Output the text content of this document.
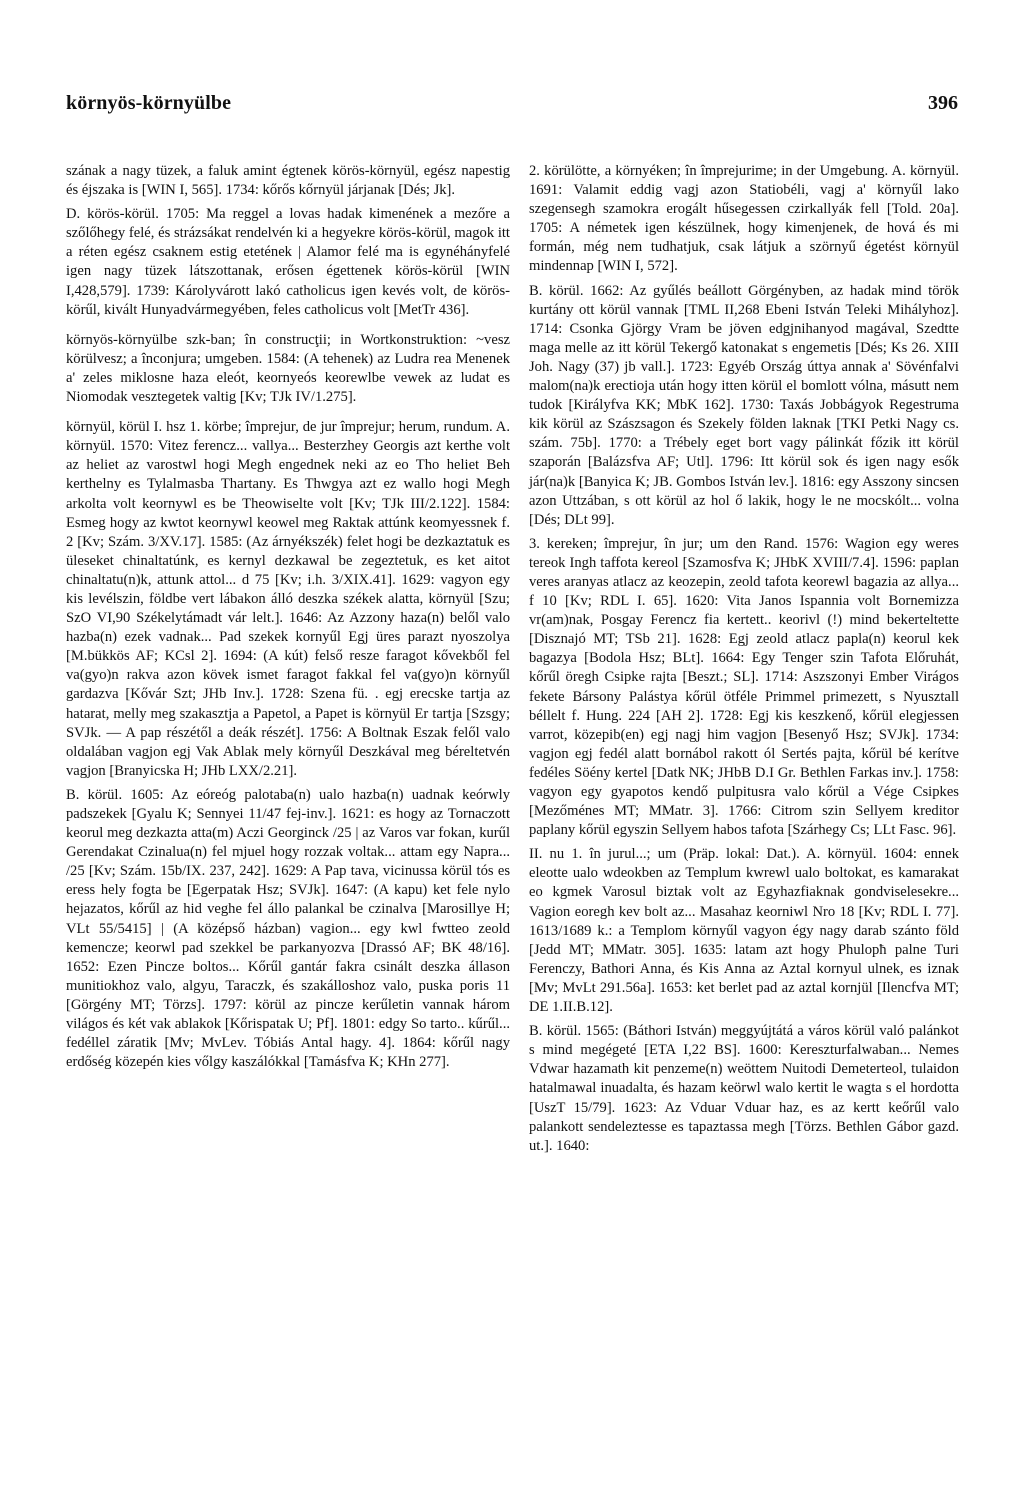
környös-környülbe	396

szának a nagy tüzek, a faluk amint égtenek körös-környül, egész napestig és éjszaka is [WIN I, 565]. 1734: kőrős kőrnyül járjanak [Dés; Jk].

D. körös-körül. 1705: Ma reggel a lovas hadak kimenének a mezőre a szőlőhegy felé, és strázsákat rendelvén ki a hegyekre körös-körül, magok itt a réten egész csaknem estig etetének | Alamor felé ma is egynéhányfelé igen nagy tüzek látszottanak, erősen égettenek körös-körül [WIN I,428,579]. 1739: Károlyvárott lakó catholicus igen kevés volt, de körös-körűl, kivált Hunyadvármegyében, feles catholicus volt [MetTr 436].

környös-környülbe szk-ban; în construcţii; in Wortkonstruktion: ~vesz körülvesz; a înconjura; umgeben. 1584: (A tehenek) az Ludra rea Menenek a' zeles miklosne haza eleót, keornyeós keorewlbe vewek az ludat es Niomodak vesztegetek valtig [Kv; TJk IV/1.275].

környül, körül I. hsz 1. körbe; împrejur, de jur împrejur; herum, rundum. A. környül. 1570: Vitez ferencz... vallya... Besterzhey Georgis azt kerthe volt az heliet az varostwl hogi Megh engednek neki az eo Tho heliet Beh kerthelny es Tylalmasba Thartany. Es Thwgya azt ez wallo hogi Megh arkolta volt keornywl es be Theowiselte volt [Kv; TJk III/2.122]. 1584: Esmeg hogy az kwtot keornywl keowel meg Raktak attúnk keomyessnek f. 2 [Kv; Szám. 3/XV.17]. 1585: (Az árnyékszék) felet hogi be dezkaztatuk es üleseket chinaltatúnk, es kernyl dezkawal be zegeztetuk, es ket aitot chinaltatu(n)k, attunk attol... d 75 [Kv; i.h. 3/XIX.41]. 1629: vagyon egy kis levélszin, földbe vert lábakon álló deszka székek alatta, környül [Szu; SzO VI,90 Székelytámadt vár lelt.]. 1646: Az Azzony haza(n) belől valo hazba(n) ezek vadnak... Pad szekek kornyűl Egj üres parazt nyoszolya [M.bükkös AF; KCsl 2]. 1694: (A kút) felső resze faragot kővekből fel va(gyo)n rakva azon kövek ismet faragot fakkal fel va(gyo)n környűl gardazva [Kővár Szt; JHb Inv.]. 1728: Szena fü. . egj erecske tartja az hatarat, melly meg szakasztja a Papetol, a Papet is környül Er tartja [Szsgy; SVJk. — A pap részétől a deák részét]. 1756: A Boltnak Eszak felől valo oldalában vagjon egj Vak Ablak mely környűl Deszkával meg béreltetvén vagjon [Branyicska H; JHb LXX/2.21].

B. körül. 1605: Az eóreóg palotaba(n) ualo hazba(n) uadnak keórwly padszekek [Gyalu K; Sennyei 11/47 fej-inv.]. 1621: es hogy az Tornaczott keorul meg dezkazta atta(m) Aczi Georginck /25 | az Varos var fokan, kurűl Gerendakat Czinalua(n) fel mjuel hogy rozzak voltak... attam egy Napra... /25 [Kv; Szám. 15b/IX. 237, 242]. 1629: A Pap tava, vicinussa körül tós es eress hely fogta be [Egerpatak Hsz; SVJk]. 1647: (A kapu) ket fele nylo hejazatos, kőrűl az hid veghe fel állo palankal be czinalva [Marosillye H; VLt 55/5415] | (A középső házban) vagion... egy kwl fwtteo zeold kemencze; keorwl pad szekkel be parkanyozva [Drassó AF; BK 48/16]. 1652: Ezen Pincze boltos... Kőrűl gantár fakra csinált deszka állason munitiokhoz valo, algyu, Taraczk, és szakálloshoz valo, puska poris 11 [Görgény MT; Törzs]. 1797: körül az pincze kerűletin vannak három világos és két vak ablakok [Kőrispatak U; Pf]. 1801: edgy So tarto.. kűrűl... fedéllel záratik [Mv; MvLev. Tóbiás Antal hagy. 4]. 1864: kőrűl nagy erdőség közepén kies vőlgy kaszálókkal [Tamásfva K; KHn 277].

2. körülötte, a környéken; în împrejurime; in der Umgebung. A. környül. 1691: Valamit eddig vagj azon Statiobéli, vagj a' környűl lako szegensegh szamokra erogált hűsegessen czirkallyák fell [Told. 20a]. 1705: A németek igen készülnek, hogy kimenjenek, de hová és mi formán, még nem tudhatjuk, csak látjuk a szörnyű égetést környül mindennap [WIN I, 572].

B. körül. 1662: Az gyűlés beállott Görgényben, az hadak mind török kurtány ott körül vannak [TML II,268 Ebeni István Teleki Mihályhoz]. 1714: Csonka Gjörgy Vram be jöven edgjnihanyod magával, Szedtte maga melle az itt körül Tekergő katonakat s engemetis [Dés; Ks 26. XIII Joh. Nagy (37) jb vall.]. 1723: Egyéb Ország úttya annak a' Sövénfalvi malom(na)k erectioja után hogy itten körül el bomlott vólna, másutt nem tudok [Királyfva KK; MbK 162]. 1730: Taxás Jobbágyok Regestruma kik körül az Szászsagon és Szekely földen laknak [TKI Petki Nagy cs. szám. 75b]. 1770: a Trébely eget bort vagy pálinkát főzik itt körül szaporán [Balázsfva AF; Utl]. 1796: Itt körül sok és igen nagy esők jár(na)k [Banyica K; JB. Gombos István lev.]. 1816: egy Asszony sincsen azon Uttzában, s ott körül az hol ő lakik, hogy le ne mocskólt... volna [Dés; DLt 99].

3. kereken; împrejur, în jur; um den Rand. 1576: Wagion egy weres tereok Ingh taffota kereol [Szamosfva K; JHbK XVIII/7.4]. 1596: paplan veres aranyas atlacz az keozepin, zeold tafota keorewl bagazia az allya... f 10 [Kv; RDL I. 65]. 1620: Vita Janos Ispannia volt Bornemizza vr(am)nak, Posgay Ferencz fia kertett.. keorivl (!) mind bekerteltette [Disznajó MT; TSb 21]. 1628: Egj zeold atlacz papla(n) keorul kek bagazya [Bodola Hsz; BLt]. 1664: Egy Tenger szin Tafota Előruhát, kőrűl öregh Csipke rajta [Beszt.; SL]. 1714: Aszszonyi Ember Virágos fekete Bársony Palástya kőrül ötféle Primmel primezett, s Nyusztall béllelt f. Hung. 224 [AH 2]. 1728: Egj kis keszkenő, kőrül elegjessen varrot, közepib(en) egj nagj him vagjon [Besenyő Hsz; SVJk]. 1734: vagjon egj fedél alatt bornábol rakott ól Sertés pajta, kőrül bé kerítve fedéles Söény kertel [Datk NK; JHbB D.I Gr. Bethlen Farkas inv.]. 1758: vagyon egy gyapotos kendő pulpitusra valo kőrül a Vége Csipkes [Mezőménes MT; MMatr. 3]. 1766: Citrom szin Sellyem kreditor paplany kőrül egyszin Sellyem habos tafota [Szárhegy Cs; LLt Fasc. 96].

II. nu 1. în jurul...; um (Präp. lokal: Dat.). A. környül. 1604: ennek eleotte ualo wdeokben az Templum kwrewl ualo boltokat, es kamarakat eo kgmek Varosul biztak volt az Egyhazfiaknak gondviselesekre... Vagion eoregh kev bolt az... Masahaz keorniwl Nro 18 [Kv; RDL I. 77]. 1613/1689 k.: a Templom környűl vagyon égy nagy darab szánto föld [Jedd MT; MMatr. 305]. 1635: latam azt hogy Phulopħ palne Turi Ferenczy, Bathori Anna, és Kis Anna az Aztal kornyul ulnek, es iznak [Mv; MvLt 291.56a]. 1653: ket berlet pad az aztal kornjül [Ilencfva MT; DE 1.II.B.12].

B. körül. 1565: (Báthori István) meggyújtátá a város körül való palánkot s mind megégeté [ETA I,22 BS]. 1600: Kereszturfalwaban... Nemes Vdwar hazamath kit penzeme(n) weöttem Nuitodi Demeterteol, tulaidon hatalmawal inuadalta, és hazam keörwl walo kertit le wagta s el hordotta [UszT 15/79]. 1623: Az Vduar Vduar haz, es az kertt keőrűl valo palankott sendeleztesse es tapaztassa megh [Törzs. Bethlen Gábor gazd. ut.]. 1640:
